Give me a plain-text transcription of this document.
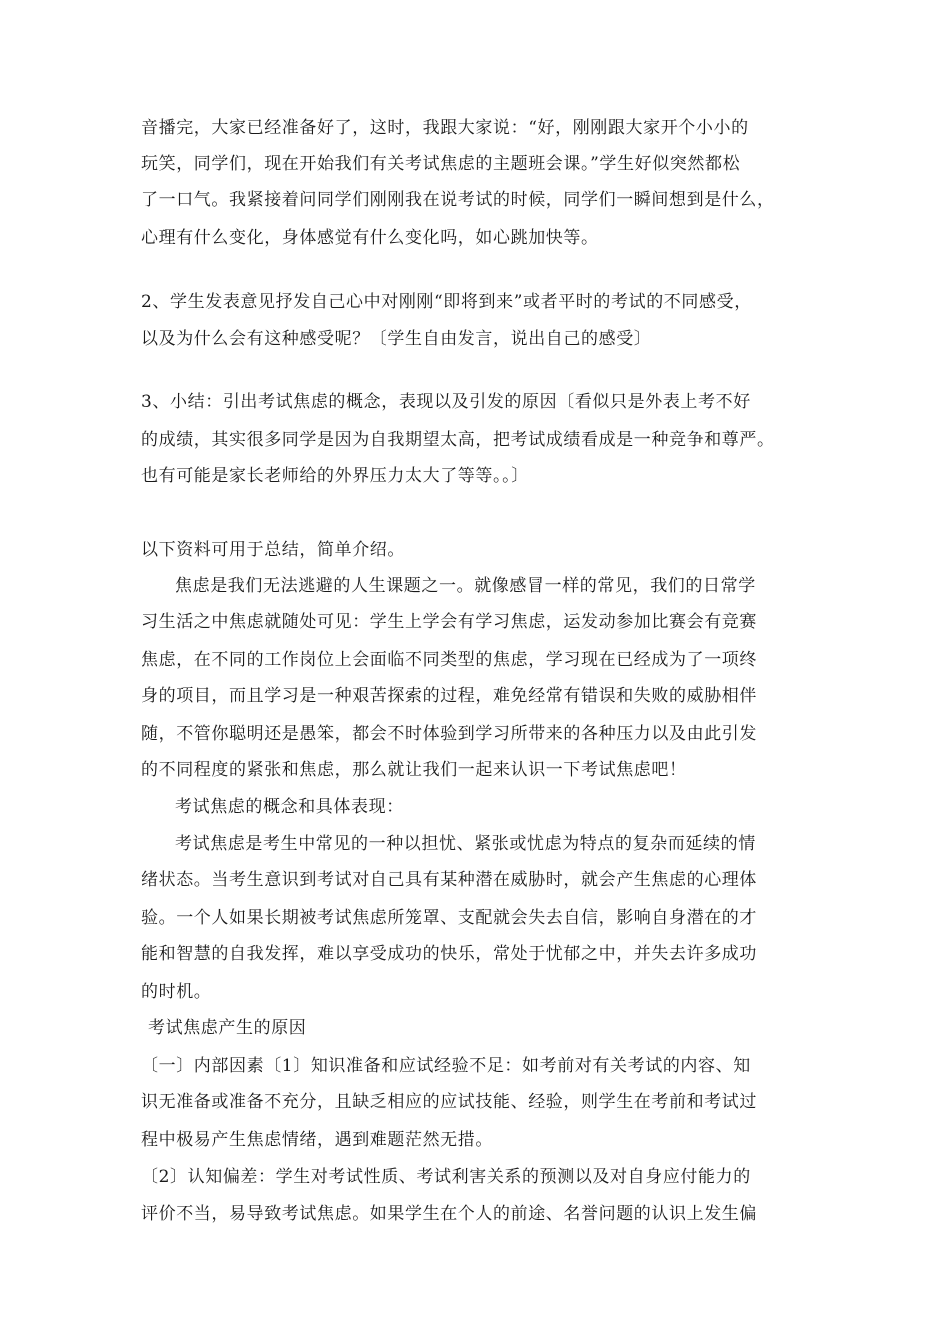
音播完，大家已经准备好了，这时，我跟大家说：“好，刚刚跟大家开个小小的
玩笑，同学们，现在开始我们有关考试焦虑的主题班会课。”学生好似突然都松
了一口气。我紧接着问同学们刚刚我在说考试的时候，同学们一瞬间想到是什么，
心理有什么变化，身体感觉有什么变化吗，如心跳加快等。
2、学生发表意见抒发自己心中对刚刚“即将到来”或者平时的考试的不同感受，
以及为什么会有这种感受呢？〔学生自由发言，说出自己的感受〕
3、小结：引出考试焦虑的概念，表现以及引发的原因〔看似只是外表上考不好
的成绩，其实很多同学是因为自我期望太高，把考试成绩看成是一种竞争和尊严。
也有可能是家长老师给的外界压力太大了等等。。〕
以下资料可用于总结，简单介绍。
焦虑是我们无法逃避的人生课题之一。就像感冒一样的常见，我们的日常学
习生活之中焦虑就随处可见：学生上学会有学习焦虑，运发动参加比赛会有竞赛
焦虑，在不同的工作岗位上会面临不同类型的焦虑，学习现在已经成为了一项终
身的项目，而且学习是一种艰苦探索的过程，难免经常有错误和失败的威胁相伴
随，不管你聪明还是愚笨，都会不时体验到学习所带来的各种压力以及由此引发
的不同程度的紧张和焦虑，那么就让我们一起来认识一下考试焦虑吧！
考试焦虑的概念和具体表现：
考试焦虑是考生中常见的一种以担忧、紧张或忧虑为特点的复杂而延续的情
绪状态。当考生意识到考试对自己具有某种潜在威胁时，就会产生焦虑的心理体
验。一个人如果长期被考试焦虑所笼罩、支配就会失去自信，影响自身潜在的才
能和智慧的自我发挥，难以享受成功的快乐，常处于忧郁之中，并失去许多成功
的时机。
考试焦虑产生的原因
〔一〕内部因素〔1〕知识准备和应试经验不足：如考前对有关考试的内容、知
识无准备或准备不充分，且缺乏相应的应试技能、经验，则学生在考前和考试过
程中极易产生焦虑情绪，遇到难题茫然无措。
〔2〕认知偏差：学生对考试性质、考试利害关系的预测以及对自身应付能力的
评价不当，易导致考试焦虑。如果学生在个人的前途、名誉问题的认识上发生偏
